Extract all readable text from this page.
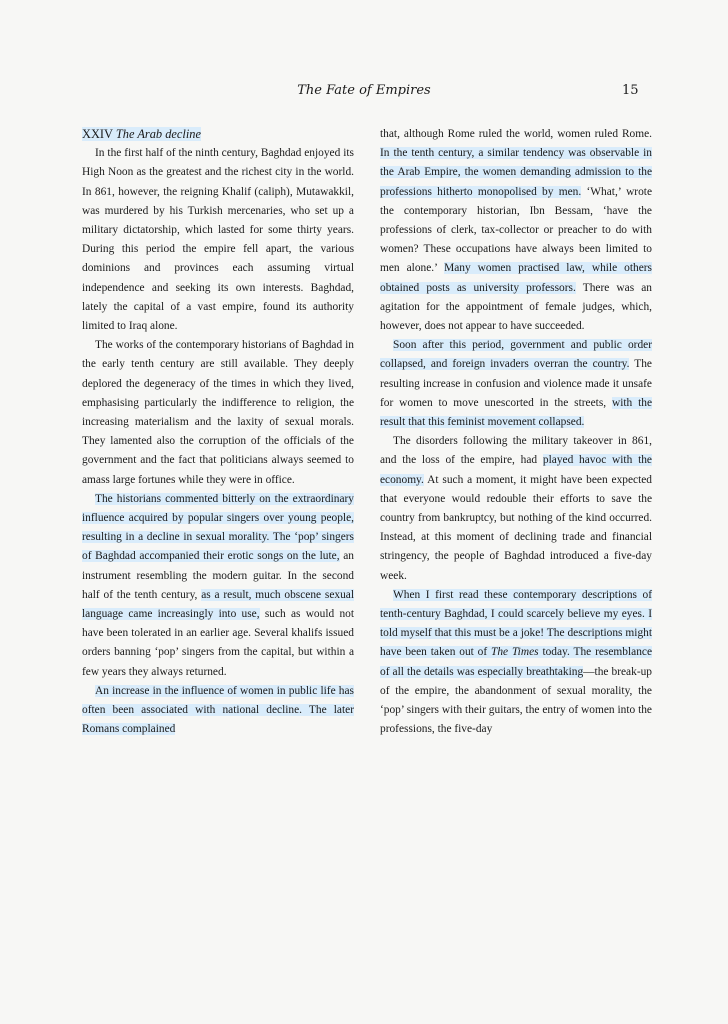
The Fate of Empires	15

XXIV The Arab decline

In the first half of the ninth century, Baghdad enjoyed its High Noon as the greatest and the richest city in the world. In 861, however, the reigning Khalif (caliph), Mutawakkil, was murdered by his Turkish mercenaries, who set up a military dictatorship, which lasted for some thirty years. During this period the empire fell apart, the various dominions and provinces each assuming virtual independence and seeking its own interests. Baghdad, lately the capital of a vast empire, found its authority limited to Iraq alone.

The works of the contemporary historians of Baghdad in the early tenth century are still available. They deeply deplored the degeneracy of the times in which they lived, emphasising particularly the indifference to religion, the increasing materialism and the laxity of sexual morals. They lamented also the corruption of the officials of the government and the fact that politicians always seemed to amass large fortunes while they were in office.

The historians commented bitterly on the extraordinary influence acquired by popular singers over young people, resulting in a decline in sexual morality. The ‘pop’ singers of Baghdad accompanied their erotic songs on the lute, an instrument resembling the modern guitar. In the second half of the tenth century, as a result, much obscene sexual language came increasingly into use, such as would not have been tolerated in an earlier age. Several khalifs issued orders banning ‘pop’ singers from the capital, but within a few years they always returned.

An increase in the influence of women in public life has often been associated with national decline. The later Romans complained

that, although Rome ruled the world, women ruled Rome. In the tenth century, a similar tendency was observable in the Arab Empire, the women demanding admission to the professions hitherto monopolised by men. ‘What,’ wrote the contemporary historian, Ibn Bessam, ‘have the professions of clerk, tax-collector or preacher to do with women? These occupations have always been limited to men alone.’ Many women practised law, while others obtained posts as university professors. There was an agitation for the appointment of female judges, which, however, does not appear to have succeeded.

Soon after this period, government and public order collapsed, and foreign invaders overran the country. The resulting increase in confusion and violence made it unsafe for women to move unescorted in the streets, with the result that this feminist movement collapsed.

The disorders following the military takeover in 861, and the loss of the empire, had played havoc with the economy. At such a moment, it might have been expected that everyone would redouble their efforts to save the country from bankruptcy, but nothing of the kind occurred. Instead, at this moment of declining trade and financial stringency, the people of Baghdad introduced a five-day week.

When I first read these contemporary descriptions of tenth-century Baghdad, I could scarcely believe my eyes. I told myself that this must be a joke! The descriptions might have been taken out of The Times today. The resemblance of all the details was especially breathtaking—the break-up of the empire, the abandonment of sexual morality, the ‘pop’ singers with their guitars, the entry of women into the professions, the five-day
